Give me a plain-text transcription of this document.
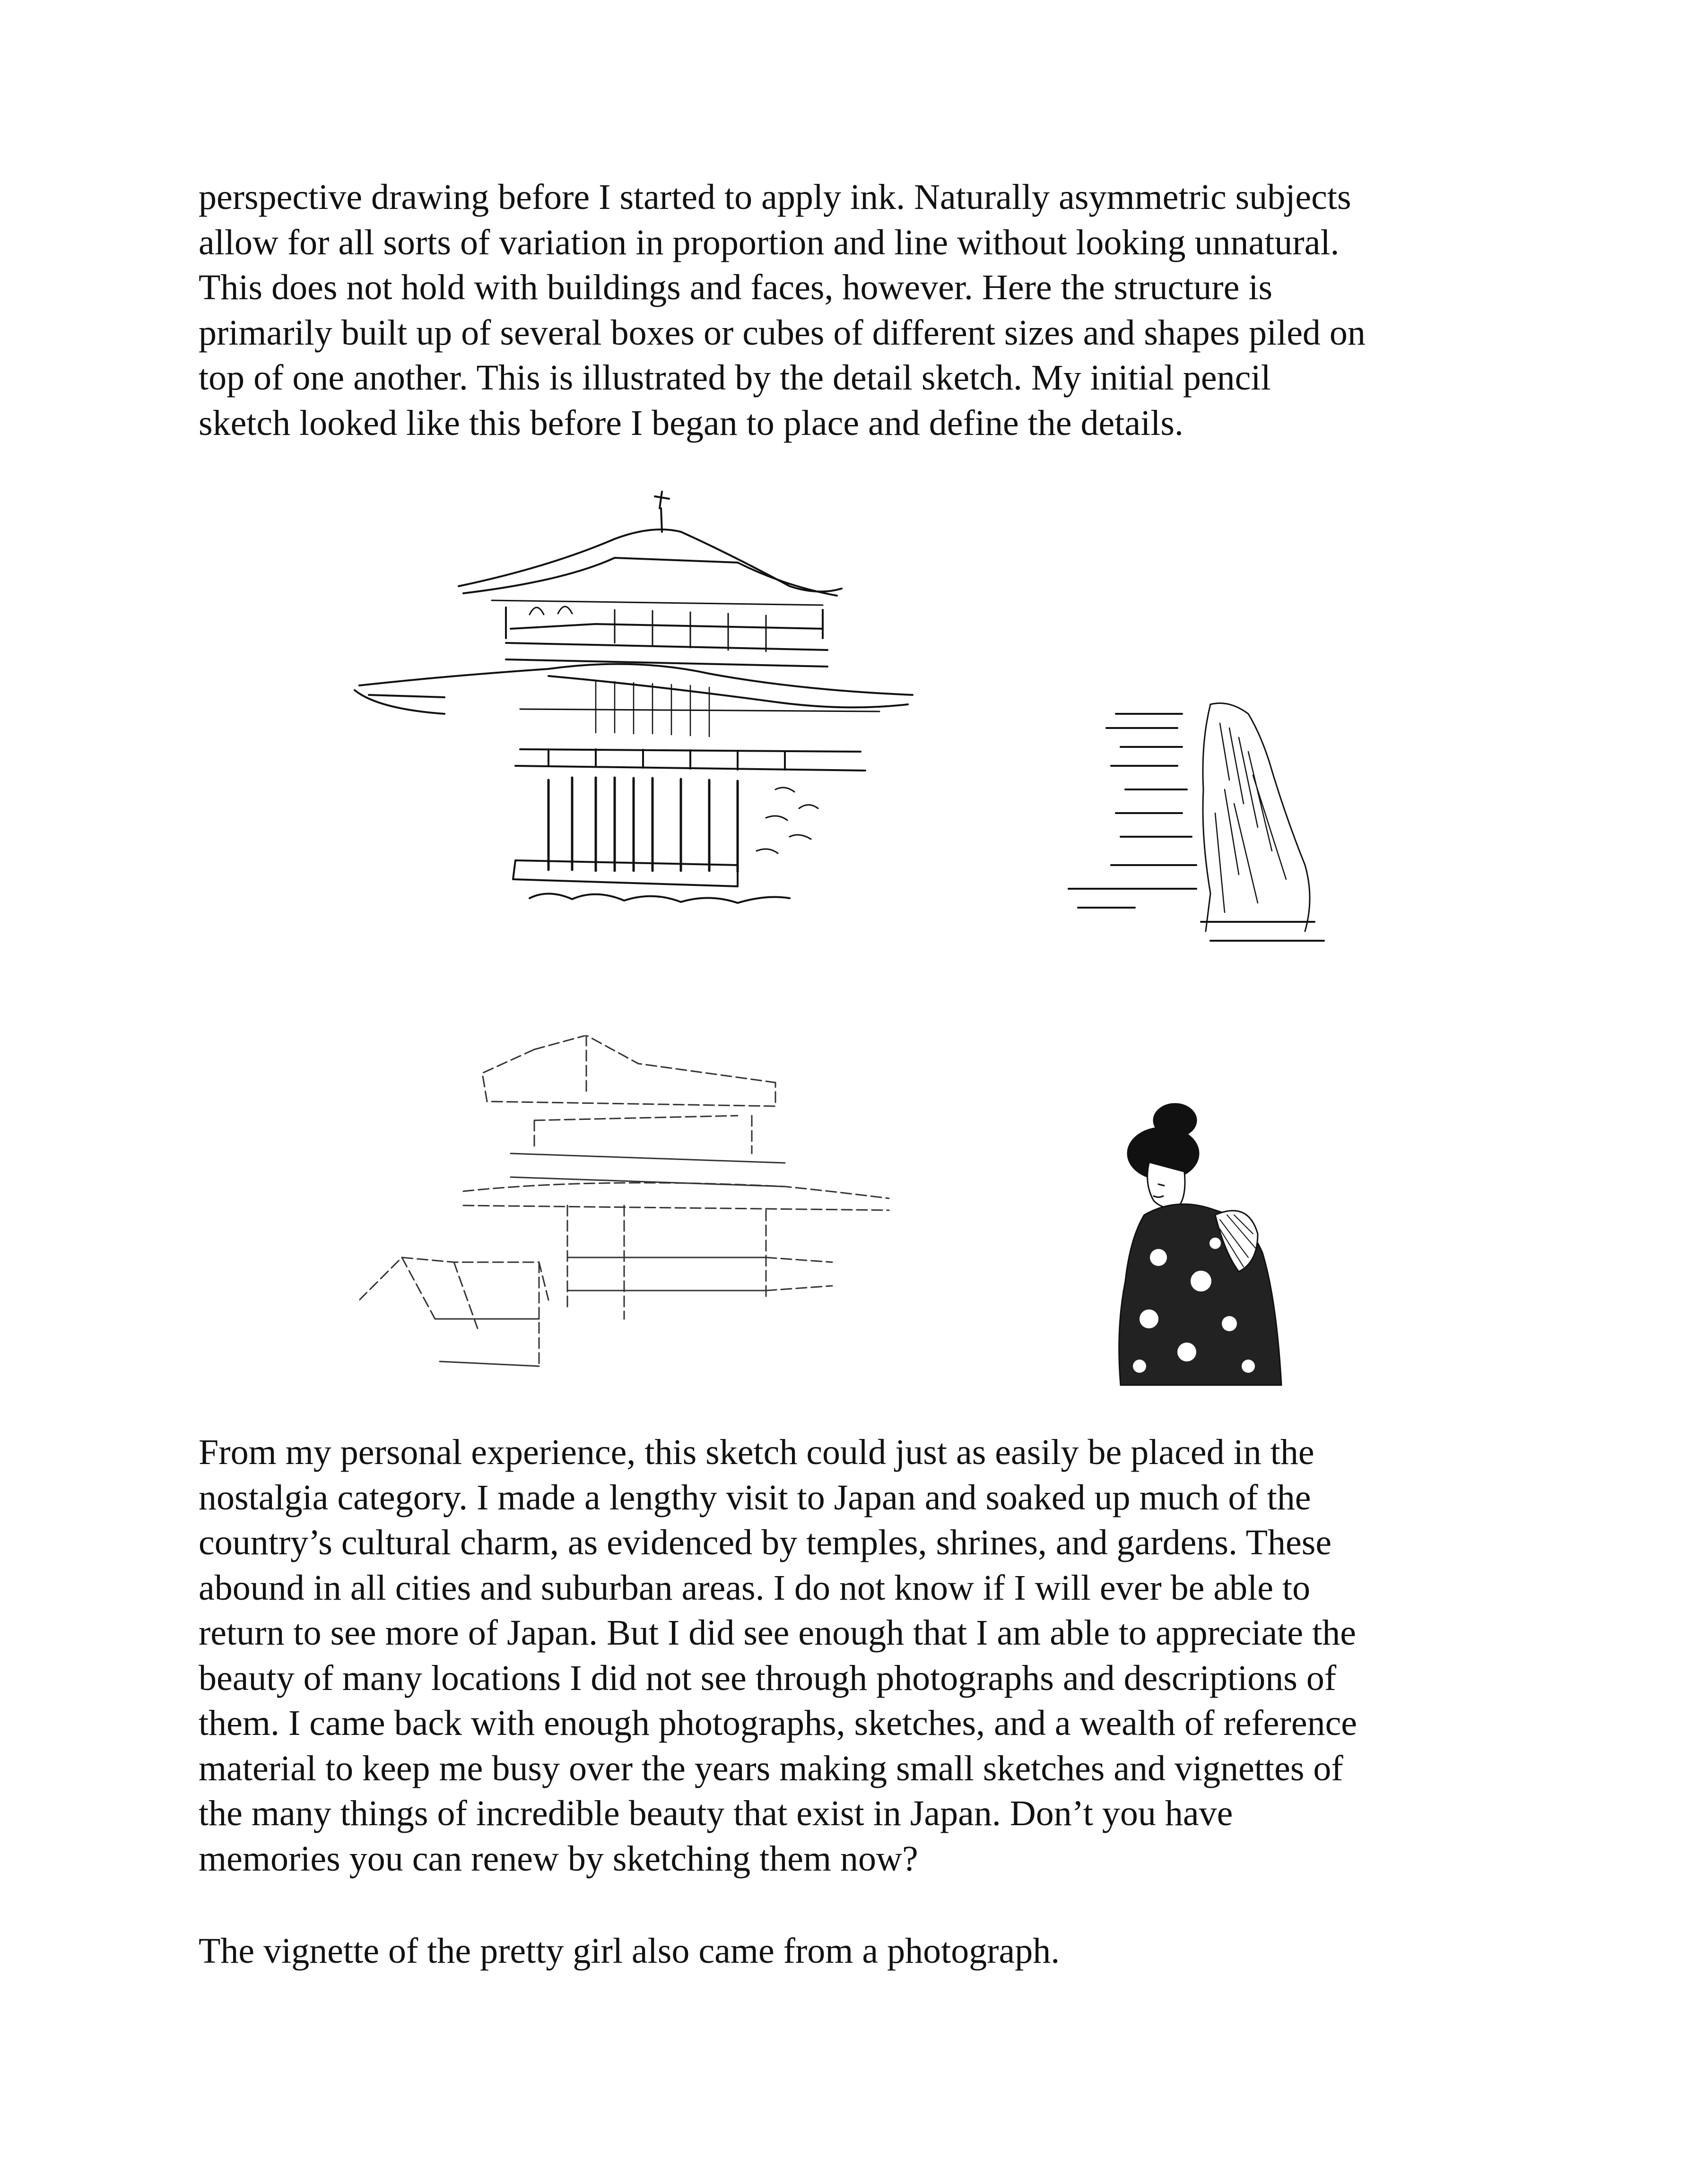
perspective drawing before I started to apply ink. Naturally asymmetric subjects
allow for all sorts of variation in proportion and line without looking unnatural.
This does not hold with buildings and faces, however. Here the structure is
primarily built up of several boxes or cubes of different sizes and shapes piled on
top of one another. This is illustrated by the detail sketch. My initial pencil
sketch looked like this before I began to place and define the details.
From my personal experience, this sketch could just as easily be placed in the
nostalgia category. I made a lengthy visit to Japan and soaked up much of the
country’s cultural charm, as evidenced by temples, shrines, and gardens. These
abound in all cities and suburban areas. I do not know if I will ever be able to
return to see more of Japan. But I did see enough that I am able to appreciate the
beauty of many locations I did not see through photographs and descriptions of
them. I came back with enough photographs, sketches, and a wealth of reference
material to keep me busy over the years making small sketches and vignettes of
the many things of incredible beauty that exist in Japan. Don’t you have
memories you can renew by sketching them now?
The vignette of the pretty girl also came from a photograph.
